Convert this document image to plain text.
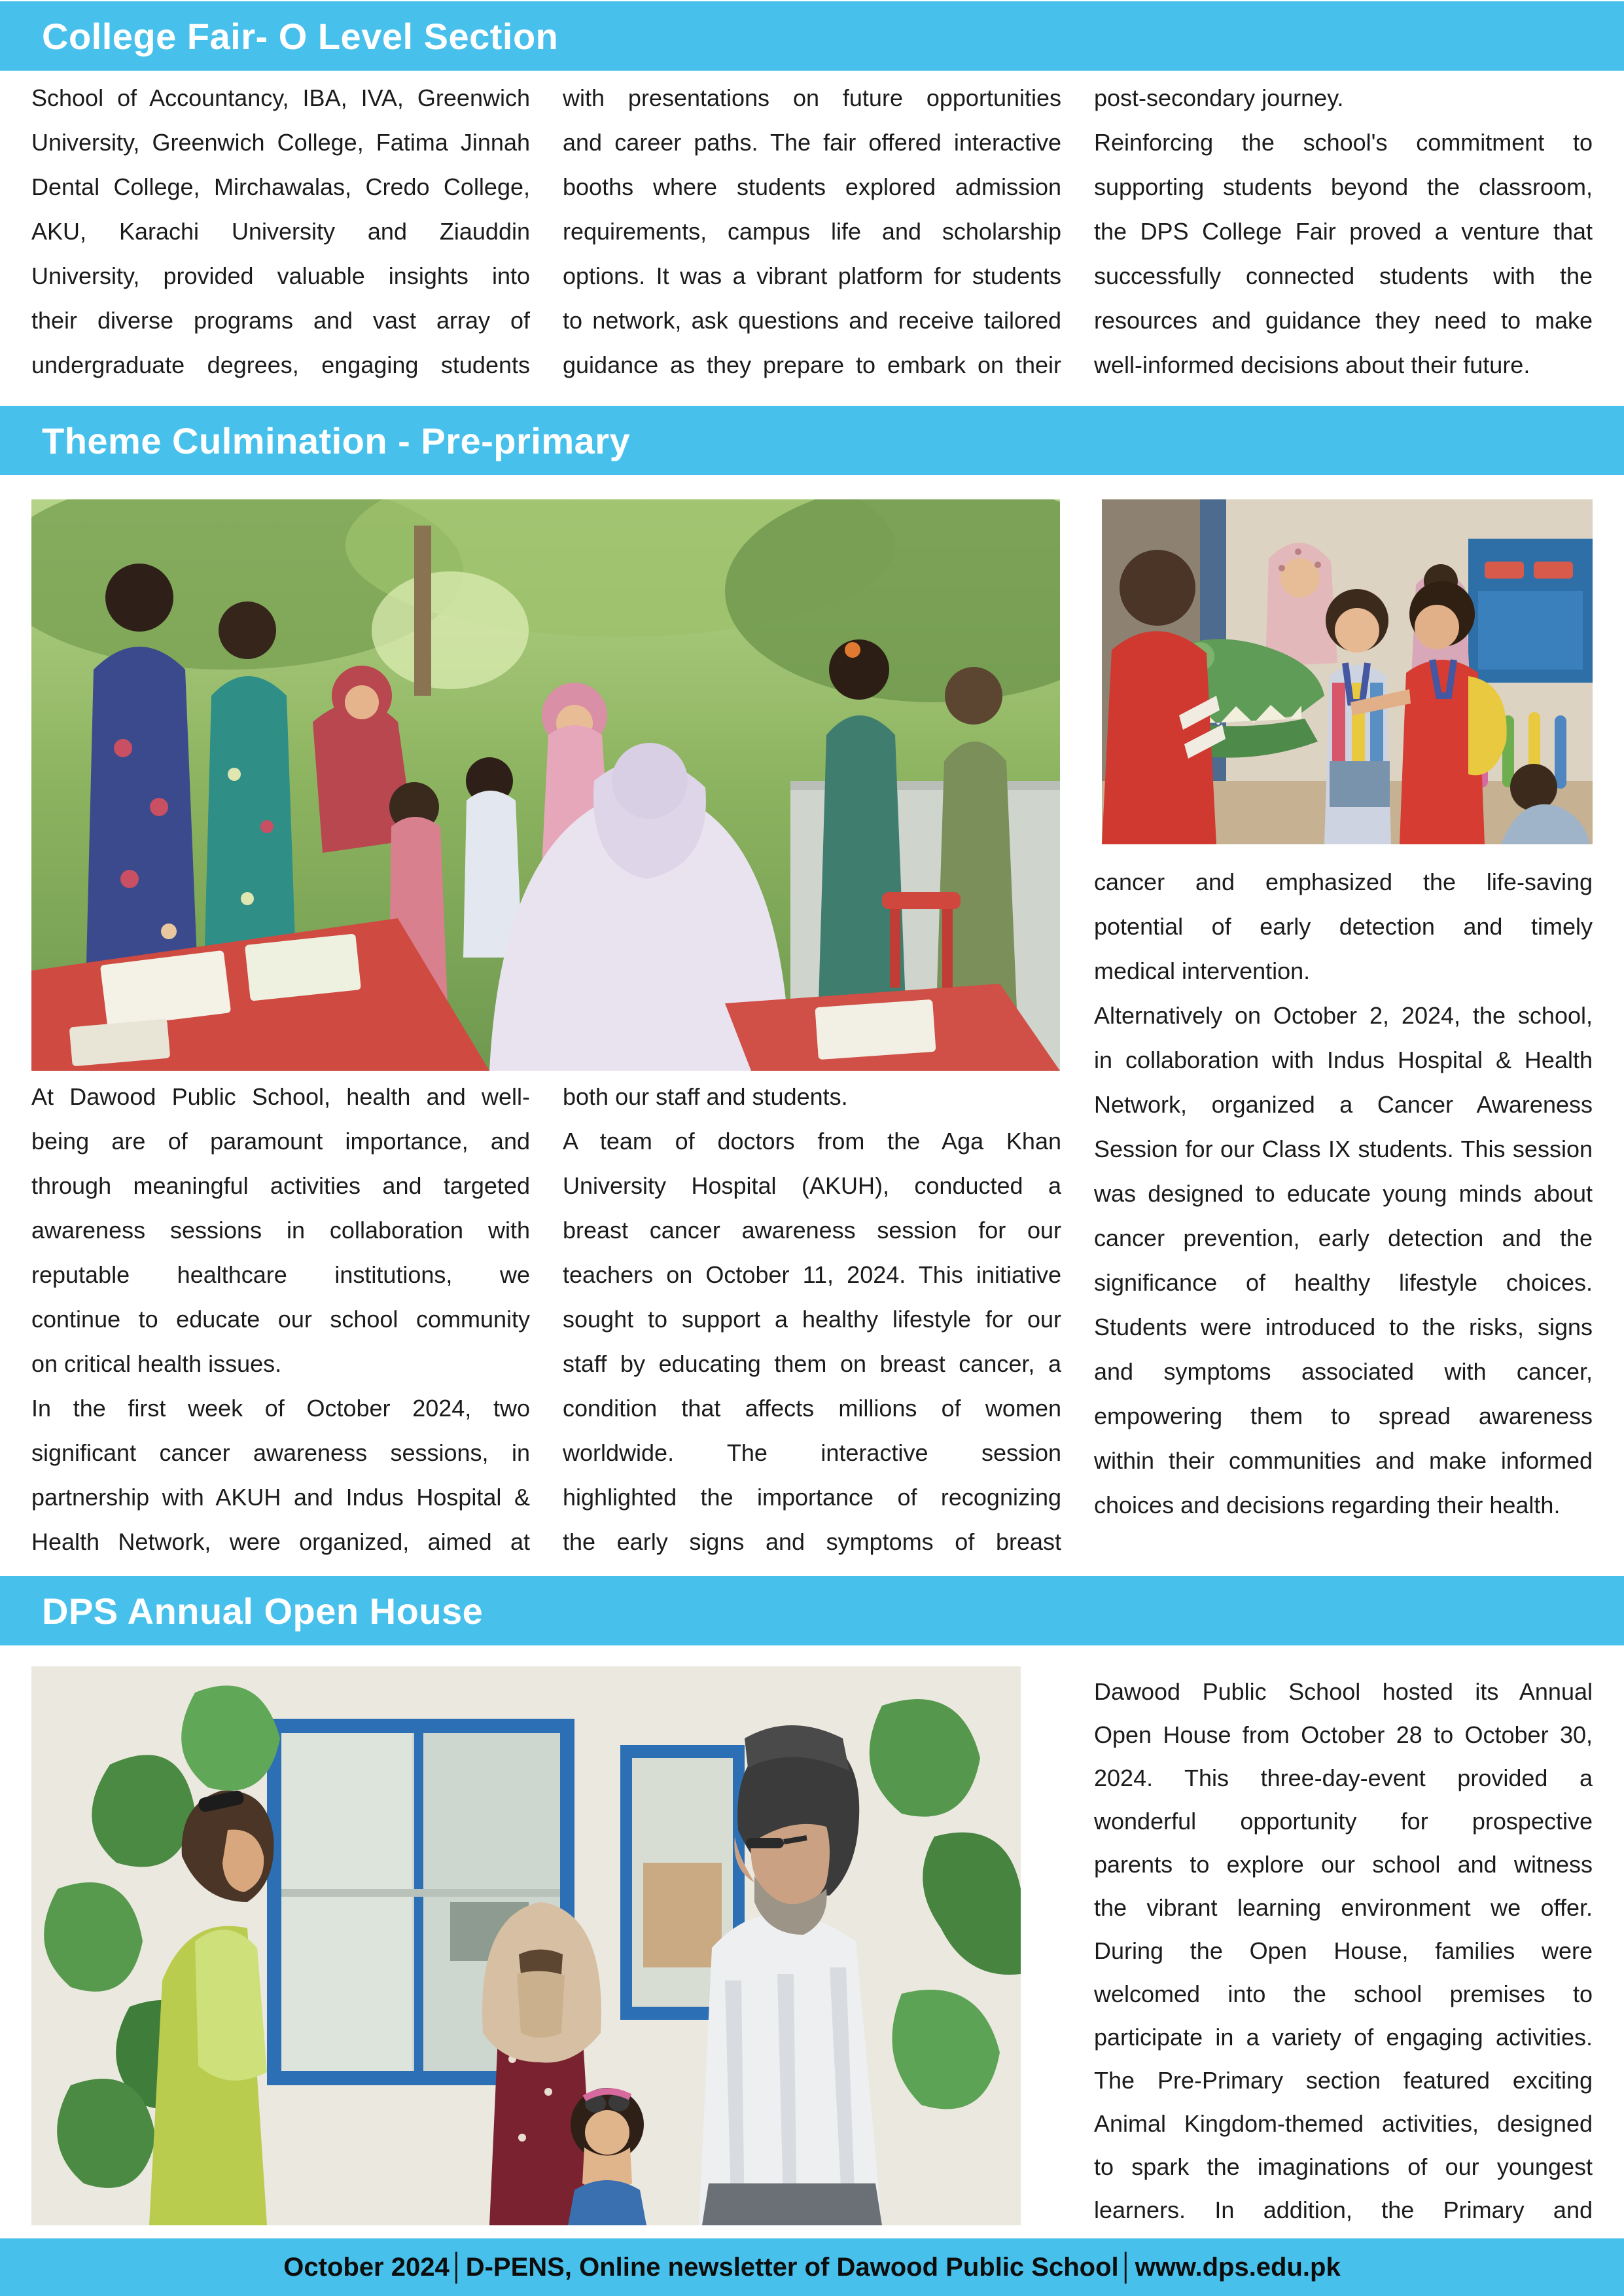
College Fair- O Level Section
School of Accountancy, IBA, IVA, Greenwich
University, Greenwich College, Fatima Jinnah
Dental College, Mirchawalas, Credo College,
AKU, Karachi University and Ziauddin
University, provided valuable insights into
their diverse programs and vast array of
undergraduate degrees, engaging students
with presentations on future opportunities
and career paths. The fair offered interactive
booths where students explored admission
requirements, campus life and scholarship
options. It was a vibrant platform for students
to network, ask questions and receive tailored
guidance as they prepare to embark on their
post-secondary journey.
Reinforcing the school's commitment to
supporting students beyond the classroom,
the DPS College Fair proved a venture that
successfully connected students with the
resources and guidance they need to make
well-informed decisions about their future.
Theme Culmination - Pre-primary
At Dawood Public School, health and well-
being are of paramount importance, and
through meaningful activities and targeted
awareness sessions in collaboration with
reputable healthcare institutions, we
continue to educate our school community
on critical health issues.
In the first week of October 2024, two
significant cancer awareness sessions, in
partnership with AKUH and Indus Hospital &
Health Network, were organized, aimed at
both our staff and students.
A team of doctors from the Aga Khan
University Hospital (AKUH), conducted a
breast cancer awareness session for our
teachers on October 11, 2024. This initiative
sought to support a healthy lifestyle for our
staff by educating them on breast cancer, a
condition that affects millions of women
worldwide. The interactive session
highlighted the importance of recognizing
the early signs and symptoms of breast
cancer and emphasized the life-saving
potential of early detection and timely
medical intervention.
Alternatively on October 2, 2024, the school,
in collaboration with Indus Hospital & Health
Network, organized a Cancer Awareness
Session for our Class IX students. This session
was designed to educate young minds about
cancer prevention, early detection and the
significance of healthy lifestyle choices.
Students were introduced to the risks, signs
and symptoms associated with cancer,
empowering them to spread awareness
within their communities and make informed
choices and decisions regarding their health.
DPS Annual Open House
Dawood Public School hosted its Annual
Open House from October 28 to October 30,
2024. This three-day-event provided a
wonderful opportunity for prospective
parents to explore our school and witness
the vibrant learning environment we offer.
During the Open House, families were
welcomed into the school premises to
participate in a variety of engaging activities.
The Pre-Primary section featured exciting
Animal Kingdom-themed activities, designed
to spark the imaginations of our youngest
learners. In addition, the Primary and
October 2024│D-PENS, Online newsletter of Dawood Public School│www.dps.edu.pk
